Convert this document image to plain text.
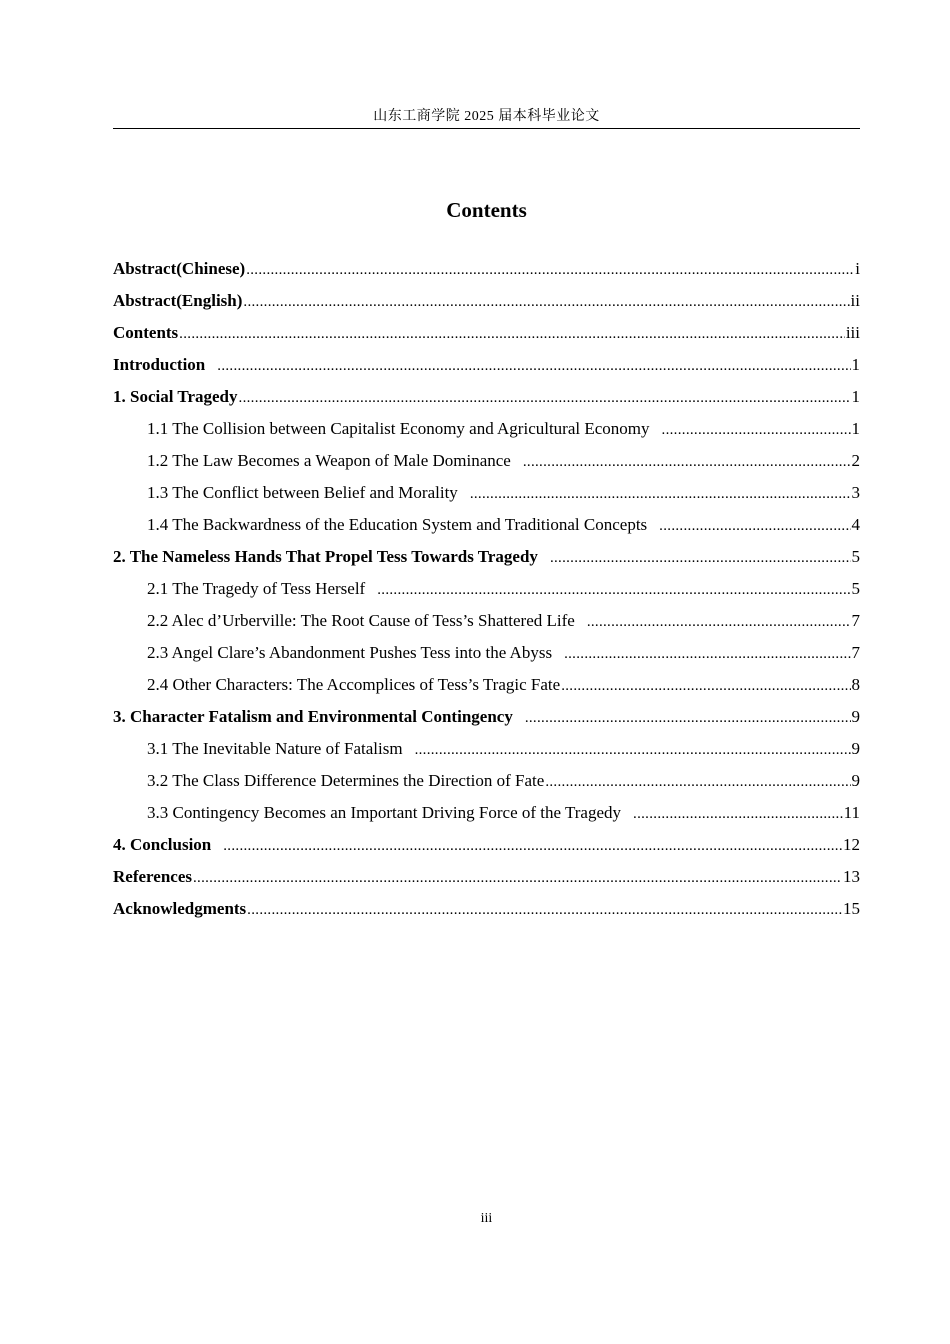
山东工商学院 2025 届本科毕业论文
Contents
Abstract(Chinese) .....	i
Abstract(English) .....	ii
Contents .....	iii
Introduction .....	1
1. Social Tragedy .....	1
1.1 The Collision between Capitalist Economy and Agricultural Economy .....	1
1.2 The Law Becomes a Weapon of Male Dominance .....	2
1.3 The Conflict between Belief and Morality .....	3
1.4 The Backwardness of the Education System and Traditional Concepts .....	4
2. The Nameless Hands That Propel Tess Towards Tragedy .....	5
2.1 The Tragedy of Tess Herself .....	5
2.2 Alec d’Urberville: The Root Cause of Tess’s Shattered Life .....	7
2.3 Angel Clare’s Abandonment Pushes Tess into the Abyss .....	7
2.4 Other Characters: The Accomplices of Tess’s Tragic Fate .....	8
3. Character Fatalism and Environmental Contingency .....	9
3.1 The Inevitable Nature of Fatalism .....	9
3.2 The Class Difference Determines the Direction of Fate .....	9
3.3 Contingency Becomes an Important Driving Force of the Tragedy .....	11
4. Conclusion .....	12
References .....	13
Acknowledgments .....	15
iii
